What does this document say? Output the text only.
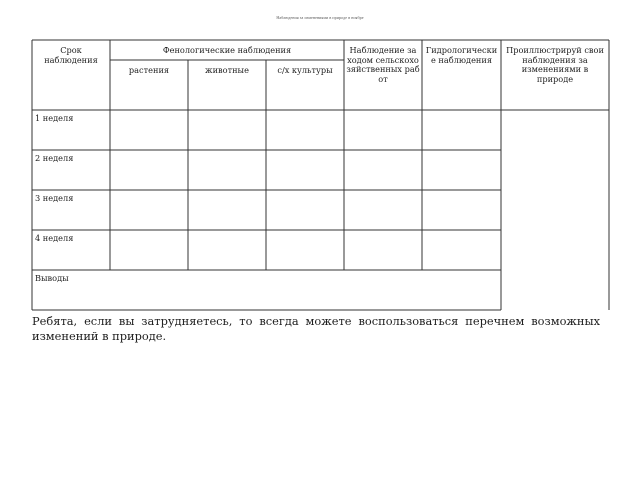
Наблюдения за изменениями в природе в ноябре
Срок наблюдения
Фенологические наблюдения
растения	животные	с/х культуры
Наблюдение за ходом сельскохозяйственных работ
Гидрологические наблюдения
Проиллюстрируй свои наблюдения за изменениями в природе
1 неделя
2 неделя
3 неделя
4 неделя
Выводы
Ребята, если вы затрудняетесь, то всегда можете воспользоваться перечнем возможных изменений в природе.
